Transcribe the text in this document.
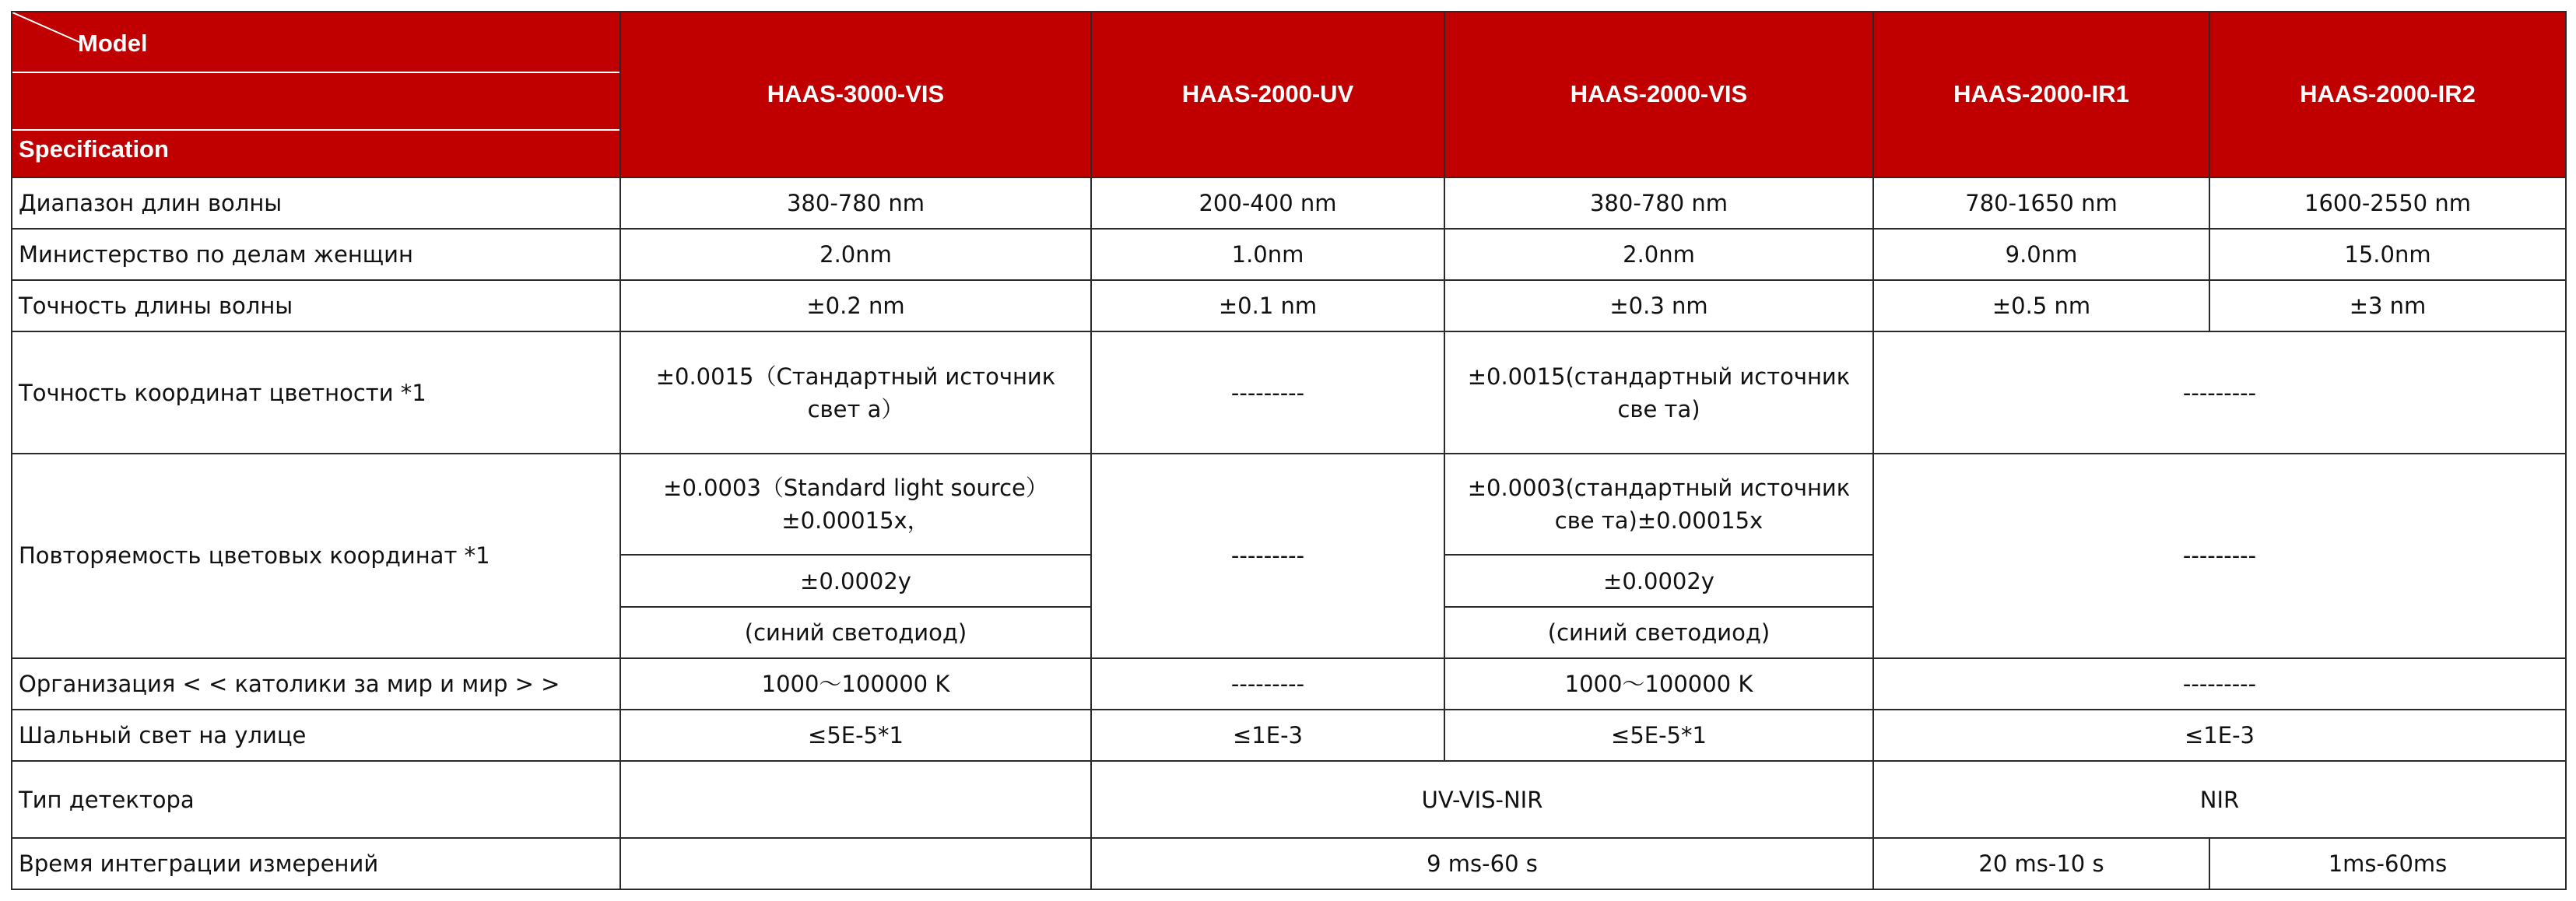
Model
Specification	HAAS-3000-VIS	HAAS-2000-UV	HAAS-2000-VIS	HAAS-2000-IR1	HAAS-2000-IR2
Диапазон длин волны	380-780 nm	200-400 nm	380-780 nm	780-1650 nm	1600-2550 nm
Министерство по делам женщин	2.0nm	1.0nm	2.0nm	9.0nm	15.0nm
Точность длины волны	±0.2 nm	±0.1 nm	±0.3 nm	±0.5 nm	±3 nm
Точность координат цветности *1	±0.0015（Стандартный источник свет а）	---------	±0.0015(стандартный источник све та)	---------	
Повторяемость цветовых координат *1	±0.0003（Standard light source）±0.00015x，	---------	±0.0003(стандартный источник све та)±0.00015x	---------	
	±0.0002y		±0.0002y		
	(синий светодиод)		(синий светодиод)		
Организация < < католики за мир и мир > >	1000～100000 K	---------	1000～100000 K	---------	
Шальный свет на улице	≤5E-5*1	≤1E-3	≤5E-5*1	≤1E-3	
Тип детектора		UV-VIS-NIR		NIR	
Время интеграции измерений		9 ms-60 s		20 ms-10 s	1ms-60ms
